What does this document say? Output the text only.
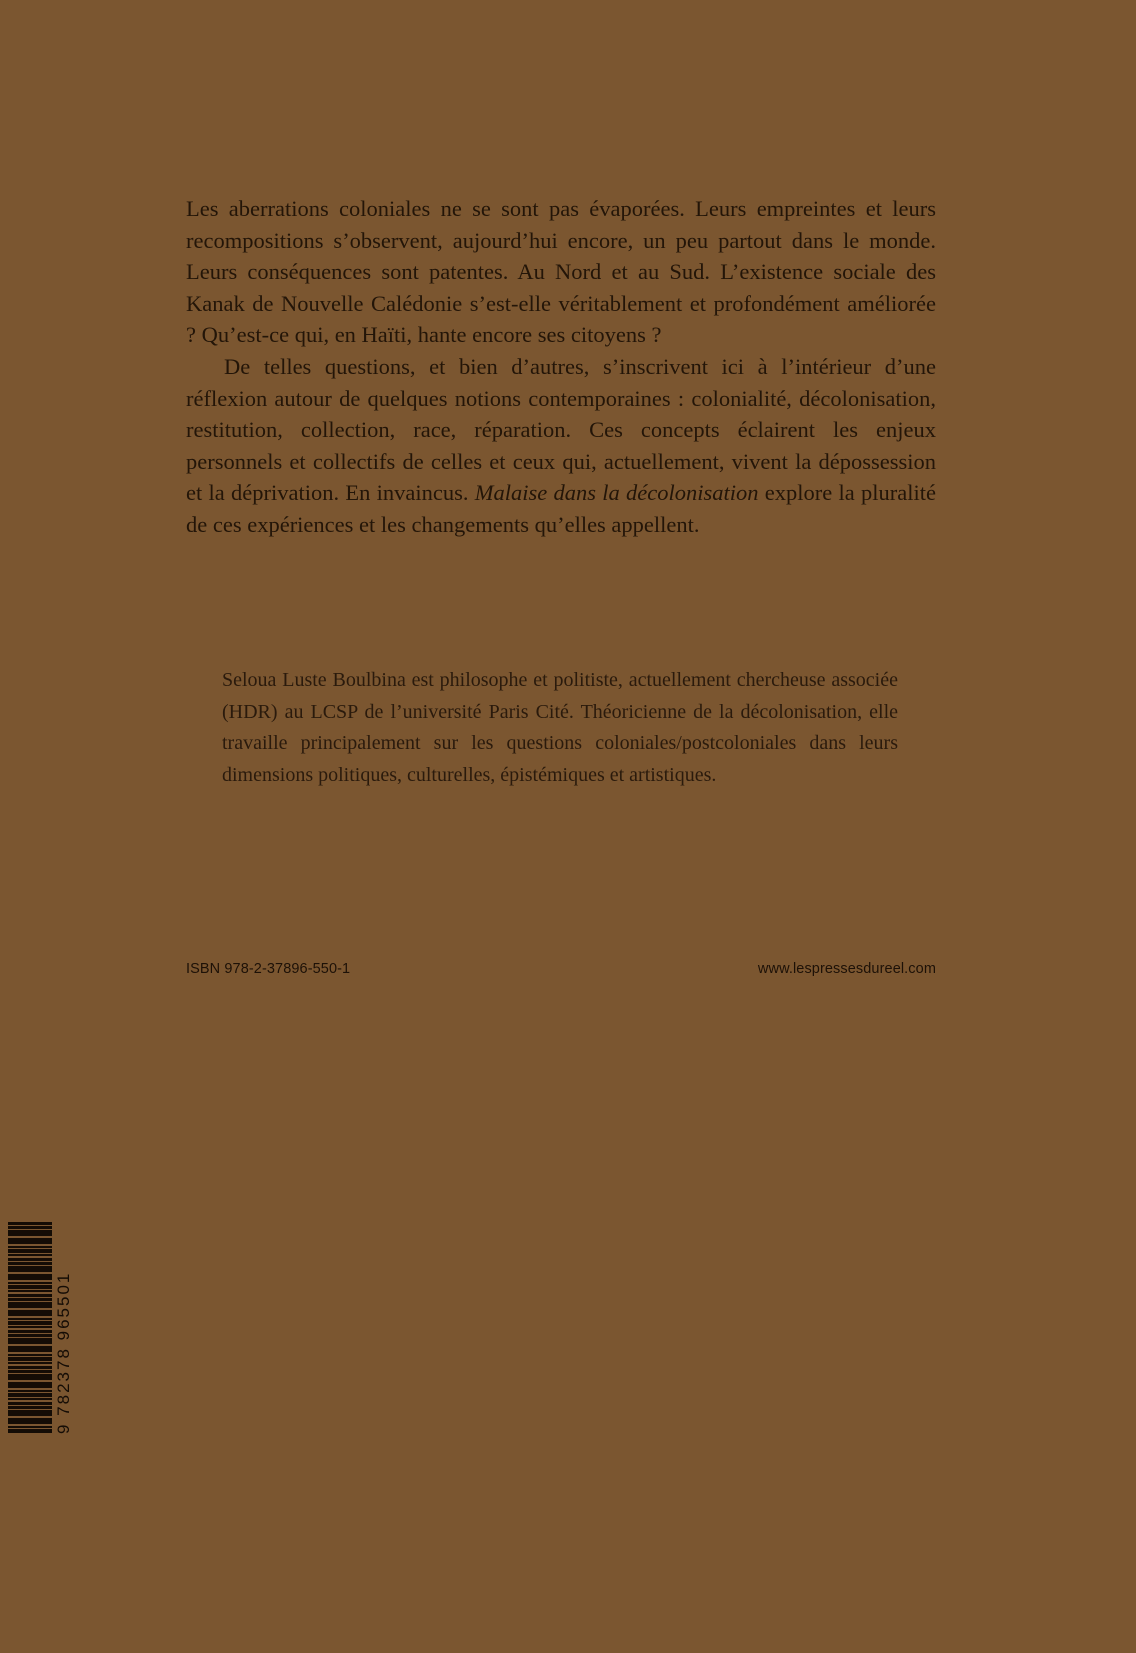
Les aberrations coloniales ne se sont pas évaporées. Leurs empreintes et leurs recompositions s’observent, aujourd’hui encore, un peu partout dans le monde. Leurs conséquences sont patentes. Au Nord et au Sud. L’existence sociale des Kanak de Nouvelle Calédonie s’est-elle véritablement et profondément améliorée ? Qu’est-ce qui, en Haïti, hante encore ses citoyens ?

De telles questions, et bien d’autres, s’inscrivent ici à l’intérieur d’une réflexion autour de quelques notions contemporaines : colonialité, décolonisation, restitution, collection, race, réparation. Ces concepts éclairent les enjeux personnels et collectifs de celles et ceux qui, actuellement, vivent la dépossession et la déprivation. En invaincus. Malaise dans la décolonisation explore la pluralité de ces expériences et les changements qu’elles appellent.

Seloua Luste Boulbina est philosophe et politiste, actuellement chercheuse associée (HDR) au LCSP de l’université Paris Cité. Théoricienne de la décolonisation, elle travaille principalement sur les questions coloniales/postcoloniales dans leurs dimensions politiques, culturelles, épistémiques et artistiques.

ISBN 978-2-37896-550-1	www.lespressesdureel.com
9 782378 965501
